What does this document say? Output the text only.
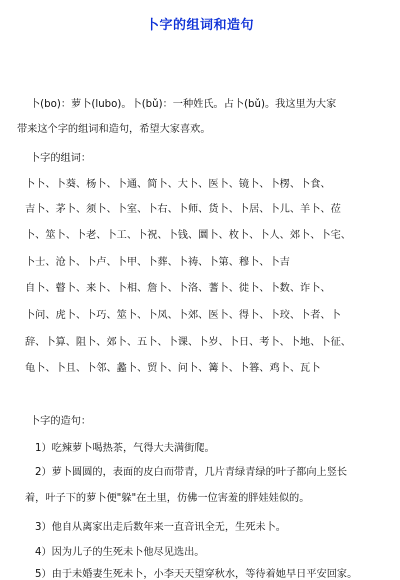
卜字的组词和造句
卜(bo)：萝卜(lubo)。卜(bǔ)：一种姓氏。占卜(bǔ)。我这里为大家
带来这个字的组词和造句，希望大家喜欢。
卜字的组词：
卜卜、卜葵、杨卜、卜通、简卜、大卜、医卜、镜卜、卜楞、卜食、
吉卜、茅卜、须卜、卜室、卜右、卜师、货卜、卜居、卜儿、羊卜、莅
卜、筮卜、卜老、卜工、卜祝、卜钱、圜卜、枚卜、卜人、郊卜、卜宅、
卜士、沧卜、卜卢、卜甲、卜葬、卜祷、卜第、穆卜、卜吉
自卜、瞽卜、来卜、卜相、詹卜、卜洛、蓍卜、徙卜、卜数、诈卜、
卜问、虎卜、卜巧、筮卜、卜凤、卜郊、医卜、得卜、卜珓、卜者、卜
辞、卜算、阻卜、郊卜、五卜、卜课、卜岁、卜日、考卜、卜地、卜征、
龟卜、卜且、卜邻、蠡卜、贸卜、问卜、篝卜、卜簭、鸡卜、瓦卜
卜字的造句：
1）吃辣萝卜喝热茶，气得大夫满街爬。
2）萝卜圆圆的，表面的皮白而带青，几片青绿青绿的叶子都向上竖长
着，叶子下的萝卜便"躲"在土里，仿佛一位害羞的胖娃娃似的。
3）他自从离家出走后数年来一直音讯全无，生死未卜。
4）因为儿子的生死未卜他尽见选出。
5）由于未婚妻生死未卜，小李天天望穿秋水，等待着她早日平安回家。
